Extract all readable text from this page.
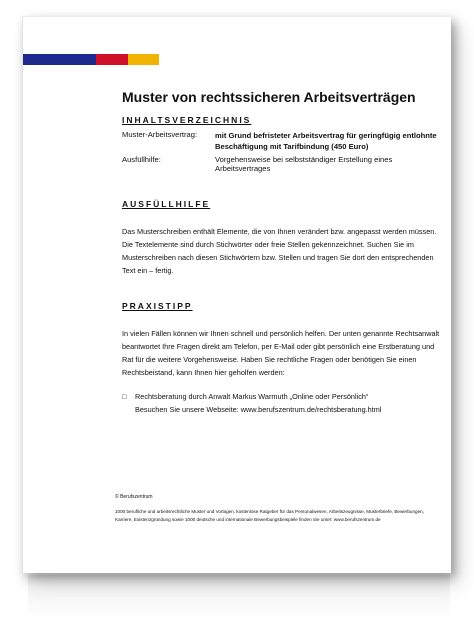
Muster von rechtssicheren Arbeitsverträgen
INHALTSVERZEICHNIS
Muster-Arbeitsvertrag:	mit Grund befristeter Arbeitsvertrag für geringfügig entlohnte Beschäftigung mit Tarifbindung (450 Euro)
Ausfüllhilfe:	Vorgehensweise bei selbstständiger Erstellung eines Arbeitsvertrages
AUSFÜLLHILFE

Das Musterschreiben enthält Elemente, die von Ihnen verändert bzw. angepasst werden müssen. Die Textelemente sind durch Stichwörter oder freie Stellen gekennzeichnet. Suchen Sie im Musterschreiben nach diesen Stichwörtern bzw. Stellen und tragen Sie dort den entsprechenden Text ein – fertig.

PRAXISTIPP

In vielen Fällen können wir Ihnen schnell und persönlich helfen. Der unten genannte Rechtsanwalt beantwortet Ihre Fragen direkt am Telefon, per E-Mail oder gibt persönlich eine Erstberatung und Rat für die weitere Vorgehensweise. Haben Sie rechtliche Fragen oder benötigen Sie einen Rechtsbeistand, kann Ihnen hier geholfen werden:

□	Rechtsberatung durch Anwalt Markus Warmuth „Online oder Persönlich“
Besuchen Sie unsere Webseite: www.berufszentrum.de/rechtsberatung.html
© Berufszentrum
1000 berufliche und arbeitsrechtliche Muster und Vorlagen, kostenlose Ratgeber für das Personalwesen, Arbeitszeugnisse, Musterbriefe, Bewerbungen, Karriere, Existenzgründung sowie 1000 deutsche und internationale Bewerbungsbeispiele finden Sie unter: www.berufszentrum.de
